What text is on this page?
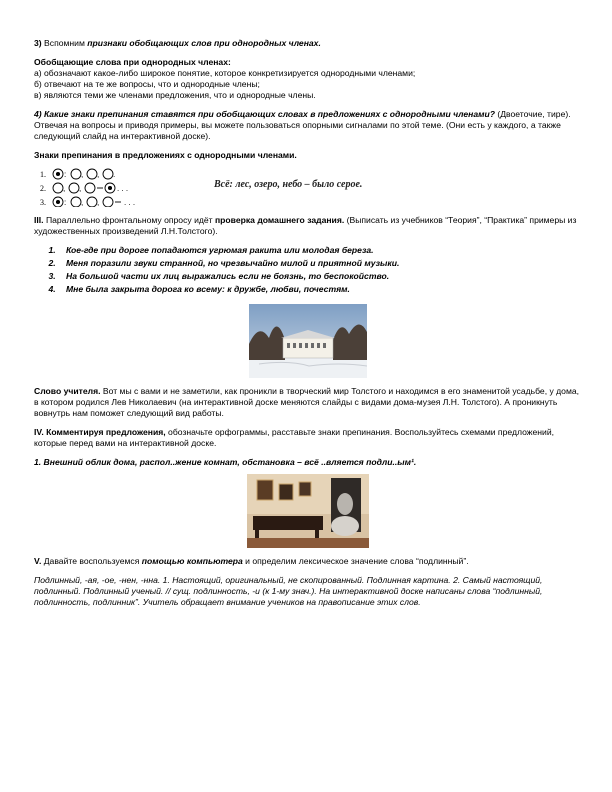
3) Вспомним признаки обобщающих слов при однородных членах.

Обобщающие слова при однородных членах:

а) обозначают какое-либо широкое понятие, которое конкретизируется однородными членами;

б) отвечают на те же вопросы, что и однородные члены;

в) являются теми же членами предложения, что и однородные члены.

4) Какие знаки препинания ставятся при обобщающих словах в предложениях с однородными членами? (Двоеточие, тире). Отвечая на вопросы и приводя примеры, вы можете пользоваться опорными сигналами по этой теме. (Они есть у каждого, а также следующий слайд на интерактивной доске).

Знаки препинания в предложениях с однородными членами.

1.
2.
3.
: , , .
, ,	. . .
: , ,	. . .
Всё: лес, озеро, небо – было серое.

III. Параллельно фронтальному опросу идёт проверка домашнего задания. (Выписать из учебников “Теория”, “Практика” примеры из художественных произведений Л.Н.Толстого).

1. Кое-где при дороге попадаются угрюмая ракита или молодая береза.
2. Меня поразили звуки странной, но чрезвычайно милой и приятной музыки.
3. На большой части их лиц выражались если не боязнь, то беспокойство.
4. Мне была закрыта дорога ко всему: к дружбе, любви, почестям.

Слово учителя. Вот мы с вами и не заметили, как проникли в творческий мир Толстого и находимся в его знаменитой усадьбе, у дома, в котором родился Лев Николаевич (на интерактивной доске меняются слайды с видами дома-музея Л.Н. Толстого). А проникнуть вовнутрь нам поможет следующий вид работы.

IV. Комментируя предложения, обозначьте орфограммы, расставьте знаки препинания. Воспользуйтесь схемами предложений, которые перед вами на интерактивной доске.

1. Внешний облик дома, распол..жение комнат, обстановка – всё ..вляется подли..ым¹.

V. Давайте воспользуемся помощью компьютера и определим лексическое значение слова “подлинный”.

Подлинный, -ая, -ое, -нен, -нна. 1. Настоящий, оригинальный, не скопированный. Подлинная картина. 2. Самый настоящий, подлинный. Подлинный ученый. // сущ. подлинность, -и (к 1-му знач.). На интерактивной доске написаны слова “подлинный, подлинность, подлинник”. Учитель обращает внимание учеников на правописание этих слов.
